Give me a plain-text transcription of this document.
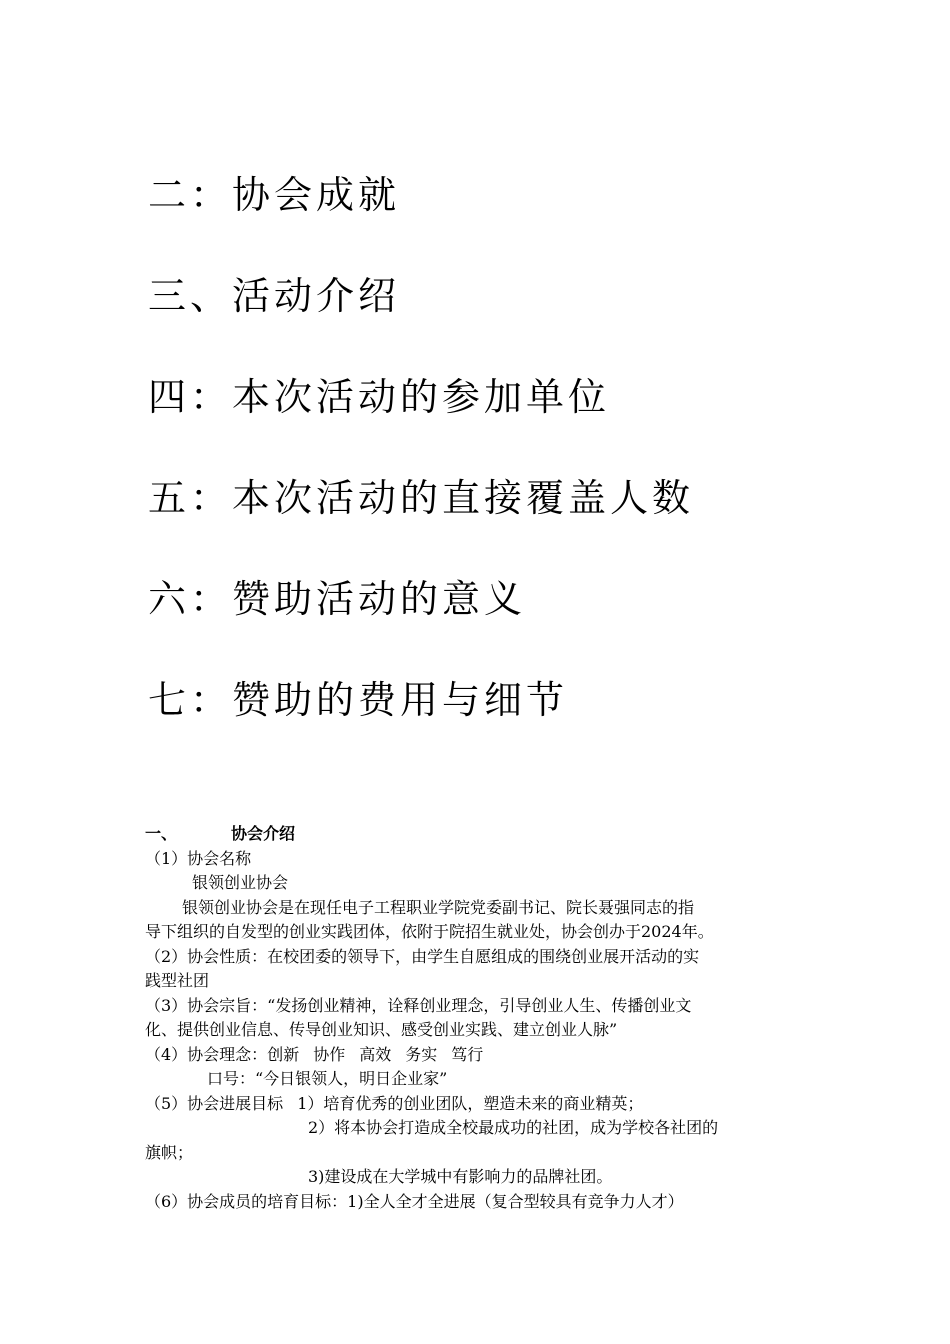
二：协会成就
三、活动介绍
四：本次活动的参加单位
五：本次活动的直接覆盖人数
六：赞助活动的意义
七：赞助的费用与细节
一、	协会介绍
（1）协会名称
银领创业协会
银领创业协会是在现任电子工程职业学院党委副书记、院长聂强同志的指
导下组织的自发型的创业实践团体，依附于院招生就业处，协会创办于2024年。
（2）协会性质：在校团委的领导下，由学生自愿组成的围绕创业展开活动的实
践型社团
（3）协会宗旨：“发扬创业精神，诠释创业理念，引导创业人生、传播创业文
化、提供创业信息、传导创业知识、感受创业实践、建立创业人脉”
（4）协会理念：创新 协作 高效 务实 笃行
口号：“今日银领人，明日企业家”
（5）协会进展目标 1）培育优秀的创业团队，塑造未来的商业精英；
2）将本协会打造成全校最成功的社团，成为学校各社团的
旗帜；
3)建设成在大学城中有影响力的品牌社团。
（6）协会成员的培育目标：1)全人全才全进展（复合型较具有竞争力人才）
